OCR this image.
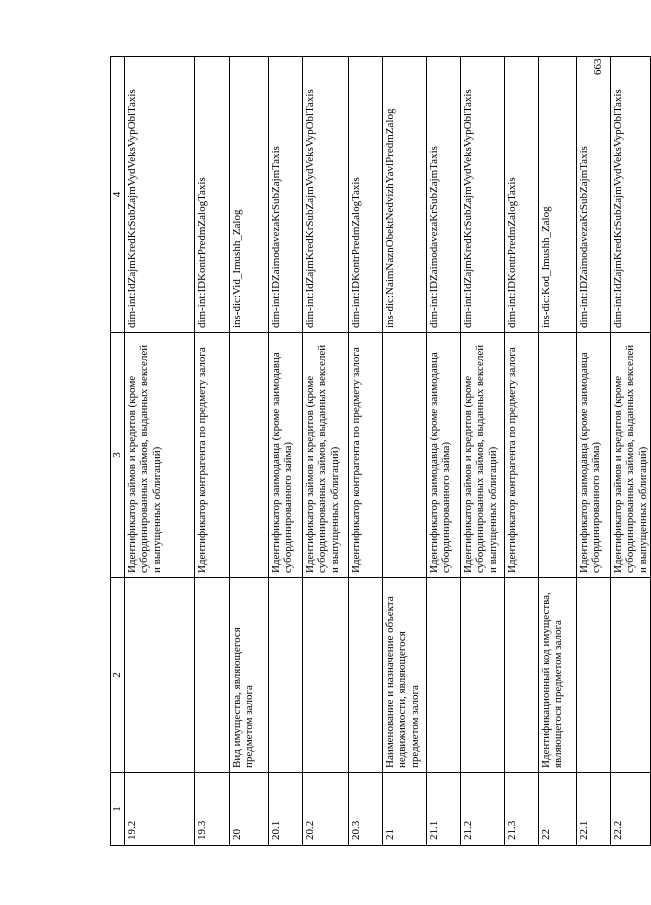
663
1	2	3	4
19.2		Идентификатор займов и кредитов (кроме субординированных займов, выданных векселей и выпущенных облигаций)	dim-int:IdZajmKredKrSubZajmVydVeksVypOblTaxis
19.3		Идентификатор контрагента по предмету залога	dim-int:IDKontrPredmZalogTaxis
20	Вид имущества, являющегося предметом залога		ins-dic:Vid_Imushh_Zalog
20.1		Идентификатор заимодавца (кроме заимодавца субординированного займа)	dim-int:IDZaimodavezaKrSubZajmTaxis
20.2		Идентификатор займов и кредитов (кроме субординированных займов, выданных векселей и выпущенных облигаций)	dim-int:IdZajmKredKrSubZajmVydVeksVypOblTaxis
20.3		Идентификатор контрагента по предмету залога	dim-int:IDKontrPredmZalogTaxis
21	Наименование и назначение объекта недвижимости, являющегося предметом залога		ins-dic:NaimNaznObektNedvizhYavlPredmZalog
21.1		Идентификатор заимодавца (кроме заимодавца субординированного займа)	dim-int:IDZaimodavezaKrSubZajmTaxis
21.2		Идентификатор займов и кредитов (кроме субординированных займов, выданных векселей и выпущенных облигаций)	dim-int:IdZajmKredKrSubZajmVydVeksVypOblTaxis
21.3		Идентификатор контрагента по предмету залога	dim-int:IDKontrPredmZalogTaxis
22	Идентификационный код имущества, являющегося предметом залога		ins-dic:Kod_Imushh_Zalog
22.1		Идентификатор заимодавца (кроме заимодавца субординированного займа)	dim-int:IDZaimodavezaKrSubZajmTaxis
22.2		Идентификатор займов и кредитов (кроме субординированных займов, выданных векселей и выпущенных облигаций)	dim-int:IdZajmKredKrSubZajmVydVeksVypOblTaxis
